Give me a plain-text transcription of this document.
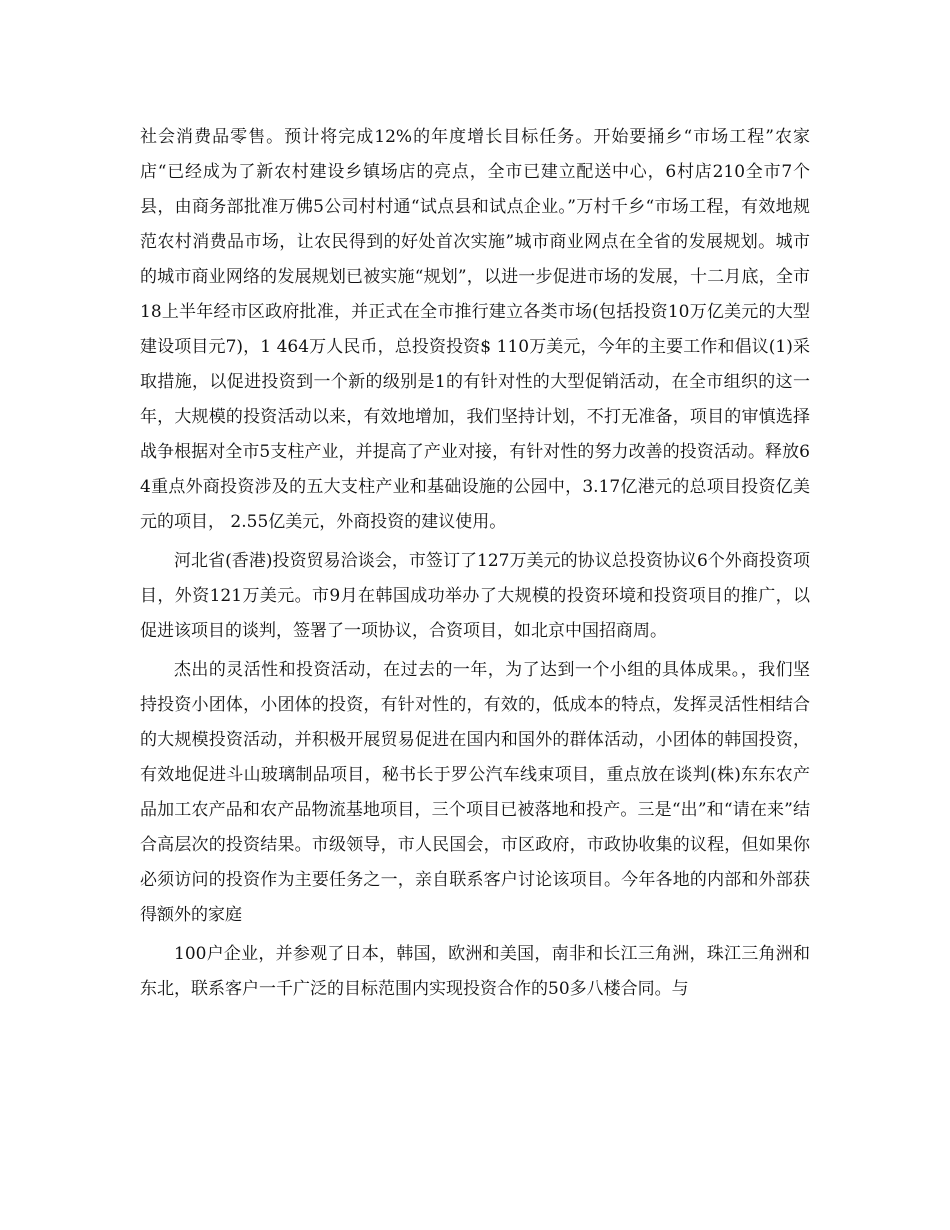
社会消费品零售。预计将完成12%的年度增长目标任务。开始要捅乡“市场工程”农家店“已经成为了新农村建设乡镇场店的亮点，全市已建立配送中心，6村店210全市7个县，由商务部批准万佛5公司村村通“试点县和试点企业。”万村千乡“市场工程，有效地规范农村消费品市场，让农民得到的好处首次实施”城市商业网点在全省的发展规划。城市的城市商业网络的发展规划已被实施“规划”，以进一步促进市场的发展，十二月底，全市18上半年经市区政府批准，并正式在全市推行建立各类市场(包括投资10万亿美元的大型建设项目元7)，1 464万人民币，总投资投资$ 110万美元，今年的主要工作和倡议(1)采取措施，以促进投资到一个新的级别是1的有针对性的大型促销活动，在全市组织的这一年，大规模的投资活动以来，有效地增加，我们坚持计划，不打无准备，项目的审慎选择战争根据对全市5支柱产业，并提高了产业对接，有针对性的努力改善的投资活动。释放64重点外商投资涉及的五大支柱产业和基础设施的公园中，3.17亿港元的总项目投资亿美元的项目， 2.55亿美元，外商投资的建议使用。

河北省(香港)投资贸易洽谈会，市签订了127万美元的协议总投资协议6个外商投资项目，外资121万美元。市9月在韩国成功举办了大规模的投资环境和投资项目的推广，以促进该项目的谈判，签署了一项协议，合资项目，如北京中国招商周。

杰出的灵活性和投资活动，在过去的一年，为了达到一个小组的具体成果。，我们坚持投资小团体，小团体的投资，有针对性的，有效的，低成本的特点，发挥灵活性相结合的大规模投资活动，并积极开展贸易促进在国内和国外的群体活动，小团体的韩国投资，有效地促进斗山玻璃制品项目，秘书长于罗公汽车线束项目，重点放在谈判(株)东东农产品加工农产品和农产品物流基地项目，三个项目已被落地和投产。三是“出”和“请在来”结合高层次的投资结果。市级领导，市人民国会，市区政府，市政协收集的议程，但如果你必须访问的投资作为主要任务之一，亲自联系客户讨论该项目。今年各地的内部和外部获得额外的家庭

100户企业，并参观了日本，韩国，欧洲和美国，南非和长江三角洲，珠江三角洲和东北，联系客户一千广泛的目标范围内实现投资合作的50多八楼合同。与
